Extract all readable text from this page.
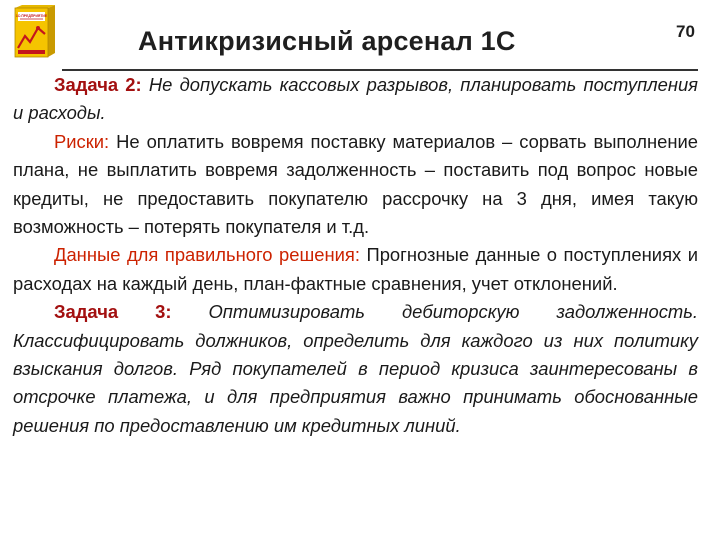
1С:ПРЕДПРИЯТИЕ
Антикризисный арсенал 1С	70

Задача 2: Не допускать кассовых разрывов, планировать поступления и расходы.

Риски: Не оплатить вовремя поставку материалов – сорвать выполнение плана, не выплатить вовремя задолженность – поставить под вопрос новые кредиты, не предоставить покупателю рассрочку на 3 дня, имея такую возможность – потерять покупателя и т.д.

Данные для правильного решения: Прогнозные данные о поступлениях и расходах на каждый день, план-фактные сравнения, учет отклонений.

Задача 3: Оптимизировать дебиторскую задолженность. Классифицировать должников, определить для каждого из них политику взыскания долгов. Ряд покупателей в период кризиса заинтересованы в отсрочке платежа, и для предприятия важно принимать обоснованные решения по предоставлению им кредитных линий.
